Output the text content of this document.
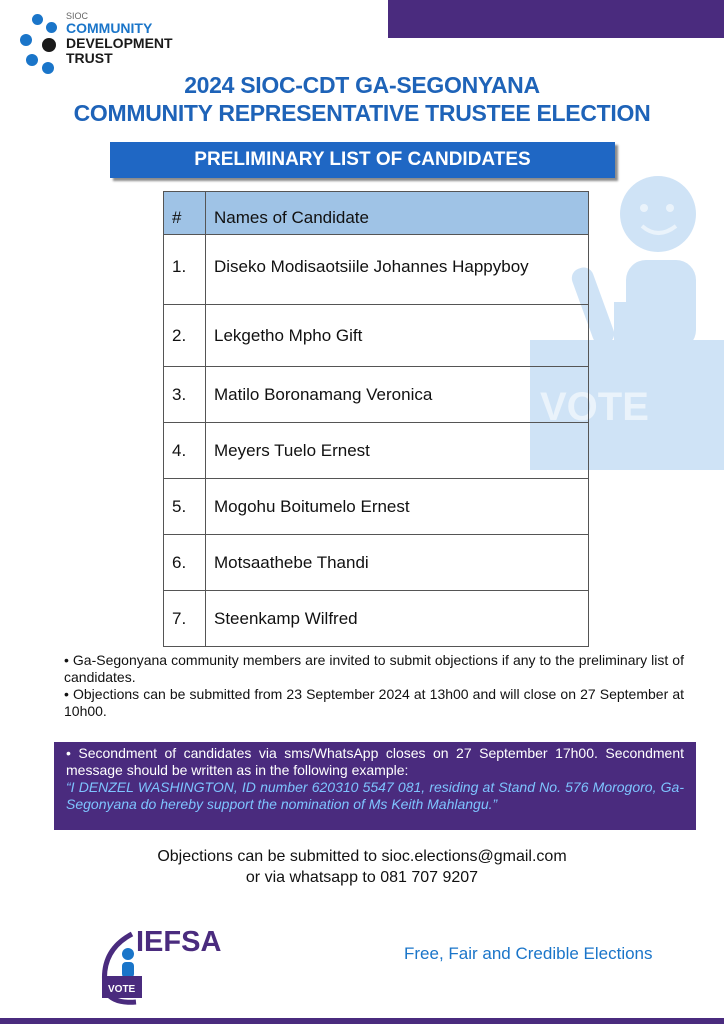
SIOC
COMMUNITY
DEVELOPMENT
TRUST
2024 SIOC-CDT GA-SEGONYANA
COMMUNITY REPRESENTATIVE TRUSTEE ELECTION
PRELIMINARY LIST OF CANDIDATES
VOTE
#	Names of Candidate
1.	Diseko Modisaotsiile Johannes Happyboy
2.	Lekgetho Mpho Gift
3.	Matilo Boronamang Veronica
4.	Meyers Tuelo Ernest
5.	Mogohu Boitumelo Ernest
6.	Motsaathebe Thandi
7.	Steenkamp Wilfred

• Ga-Segonyana community members are invited to submit objections if any to the preliminary list of candidates.

• Objections can be submitted from 23 September 2024 at 13h00 and will close on 27 September at 10h00.

• Secondment of candidates via sms/WhatsApp closes on 27 September 17h00. Secondment message should be written as in the following example:

“I DENZEL WASHINGTON, ID number 620310 5547 081, residing at Stand No. 576 Morogoro, Ga-Segonyana do hereby support the nomination of Ms Keith Mahlangu.”

Objections can be submitted to sioc.elections@gmail.com

or via whatsapp to 081 707 9207

VOTE
IEFSA	Free, Fair and Credible Elections
